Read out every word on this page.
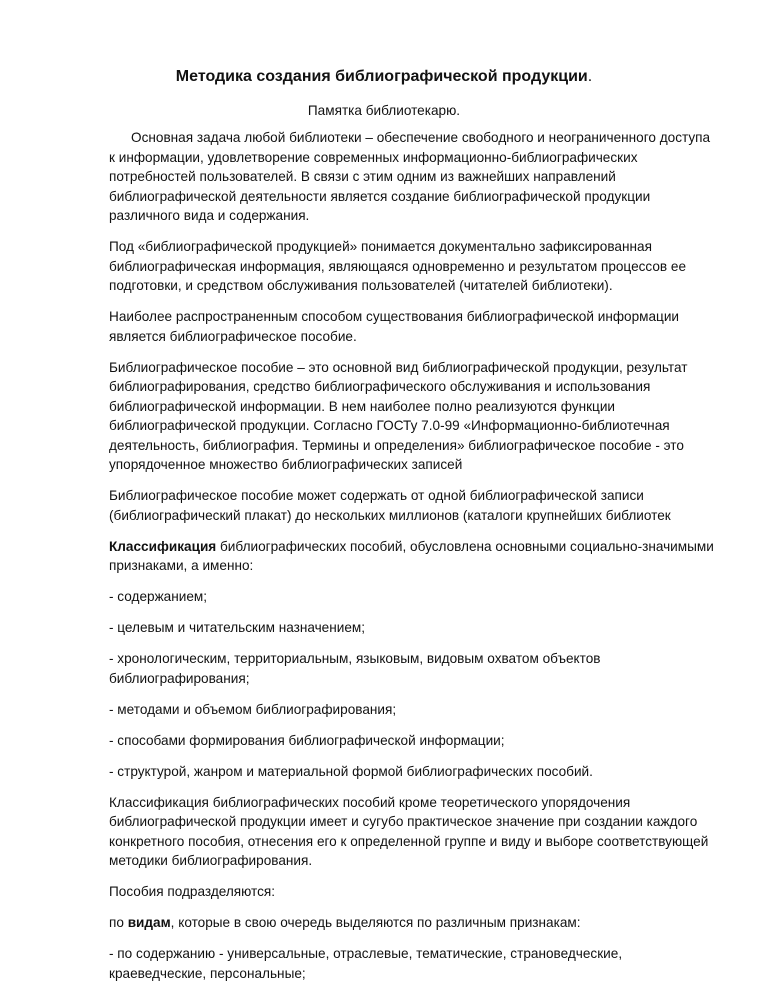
Методика создания библиографической продукции.
Памятка библиотекарю.

Основная задача любой библиотеки – обеспечение свободного и неограниченного доступа к информации, удовлетворение современных информационно-библиографических потребностей пользователей. В связи с этим одним из важнейших направлений библиографической деятельности является создание библиографической продукции различного вида и содержания.

Под «библиографической продукцией» понимается документально зафиксированная библиографическая информация, являющаяся одновременно и результатом процессов ее подготовки, и средством обслуживания пользователей (читателей библиотеки).

Наиболее распространенным способом существования библиографической информации является библиографическое пособие.

Библиографическое пособие – это основной вид библиографической продукции, результат библиографирования, средство библиографического обслуживания и использования библиографической информации. В нем наиболее полно реализуются функции библиографической продукции. Согласно ГОСТу 7.0-99 «Информационно-библиотечная деятельность, библиография. Термины и определения» библиографическое пособие - это упорядоченное множество библиографических записей

Библиографическое пособие может содержать от одной библиографической записи (библиографический плакат) до нескольких миллионов (каталоги крупнейших библиотек

Классификация библиографических пособий, обусловлена основными социально-значимыми признаками, а именно:

- содержанием;

- целевым и читательским назначением;

- хронологическим, территориальным, языковым, видовым охватом объектов библиографирования;

- методами и объемом библиографирования;

- способами формирования библиографической информации;

- структурой, жанром и материальной формой библиографических пособий.

Классификация библиографических пособий кроме теоретического упорядочения библиографической продукции имеет и сугубо практическое значение при создании каждого конкретного пособия, отнесения его к определенной группе и виду и выборе соответствующей методики библиографирования.

Пособия подразделяются:

по видам, которые в свою очередь выделяются по различным признакам:

- по содержанию - универсальные, отраслевые, тематические, страноведческие, краеведческие, персональные;
